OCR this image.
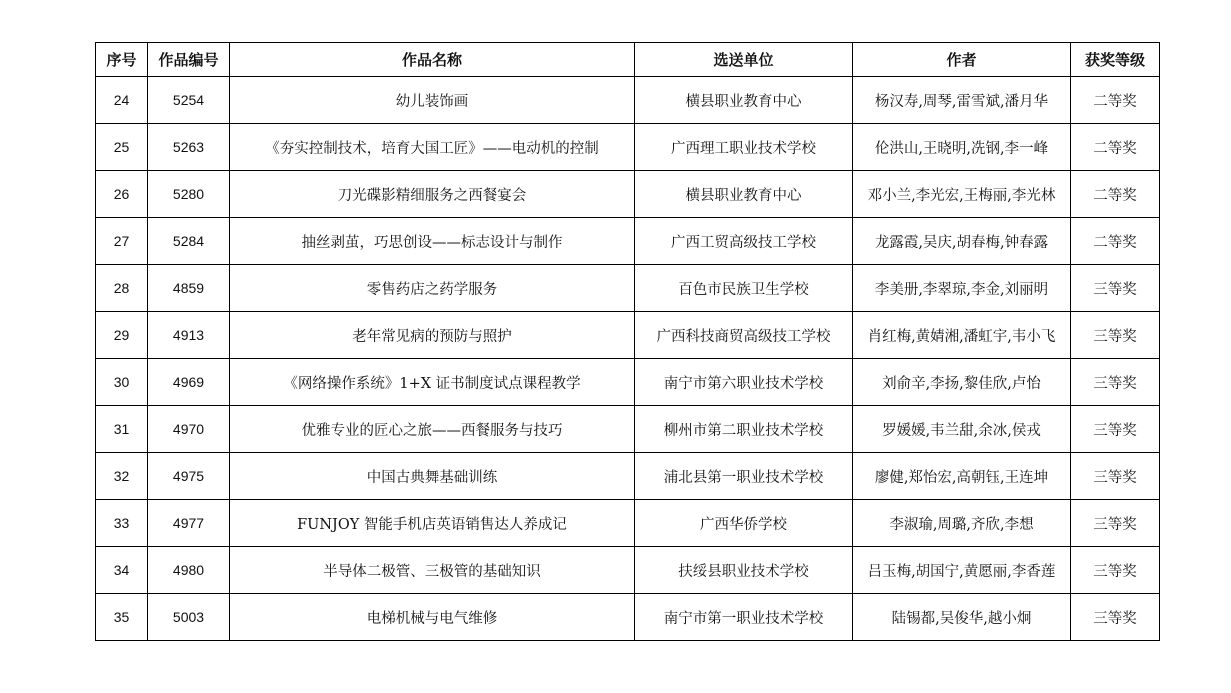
序号	作品编号	作品名称	选送单位	作者	获奖等级
24	5254	幼儿装饰画	横县职业教育中心	杨汉寿,周琴,雷雪斌,潘月华	二等奖
25	5263	《夯实控制技术，培育大国工匠》——电动机的控制	广西理工职业技术学校	伦洪山,王晓明,冼钢,李一峰	二等奖
26	5280	刀光碟影精细服务之西餐宴会	横县职业教育中心	邓小兰,李光宏,王梅丽,李光林	二等奖
27	5284	抽丝剥茧，巧思创设——标志设计与制作	广西工贸高级技工学校	龙露霞,吴庆,胡春梅,钟春露	二等奖
28	4859	零售药店之药学服务	百色市民族卫生学校	李美册,李翠琼,李金,刘丽明	三等奖
29	4913	老年常见病的预防与照护	广西科技商贸高级技工学校	肖红梅,黄婧湘,潘虹宇,韦小飞	三等奖
30	4969	《网络操作系统》1+X 证书制度试点课程教学	南宁市第六职业技术学校	刘俞辛,李扬,黎佳欣,卢怡	三等奖
31	4970	优雅专业的匠心之旅——西餐服务与技巧	柳州市第二职业技术学校	罗媛媛,韦兰甜,余冰,侯戎	三等奖
32	4975	中国古典舞基础训练	浦北县第一职业技术学校	廖健,郑怡宏,高朝钰,王连坤	三等奖
33	4977	FUNJOY 智能手机店英语销售达人养成记	广西华侨学校	李淑瑜,周璐,齐欣,李想	三等奖
34	4980	半导体二极管、三极管的基础知识	扶绥县职业技术学校	吕玉梅,胡国宁,黄愿丽,李香莲	三等奖
35	5003	电梯机械与电气维修	南宁市第一职业技术学校	陆锡都,吴俊华,越小炯	三等奖
